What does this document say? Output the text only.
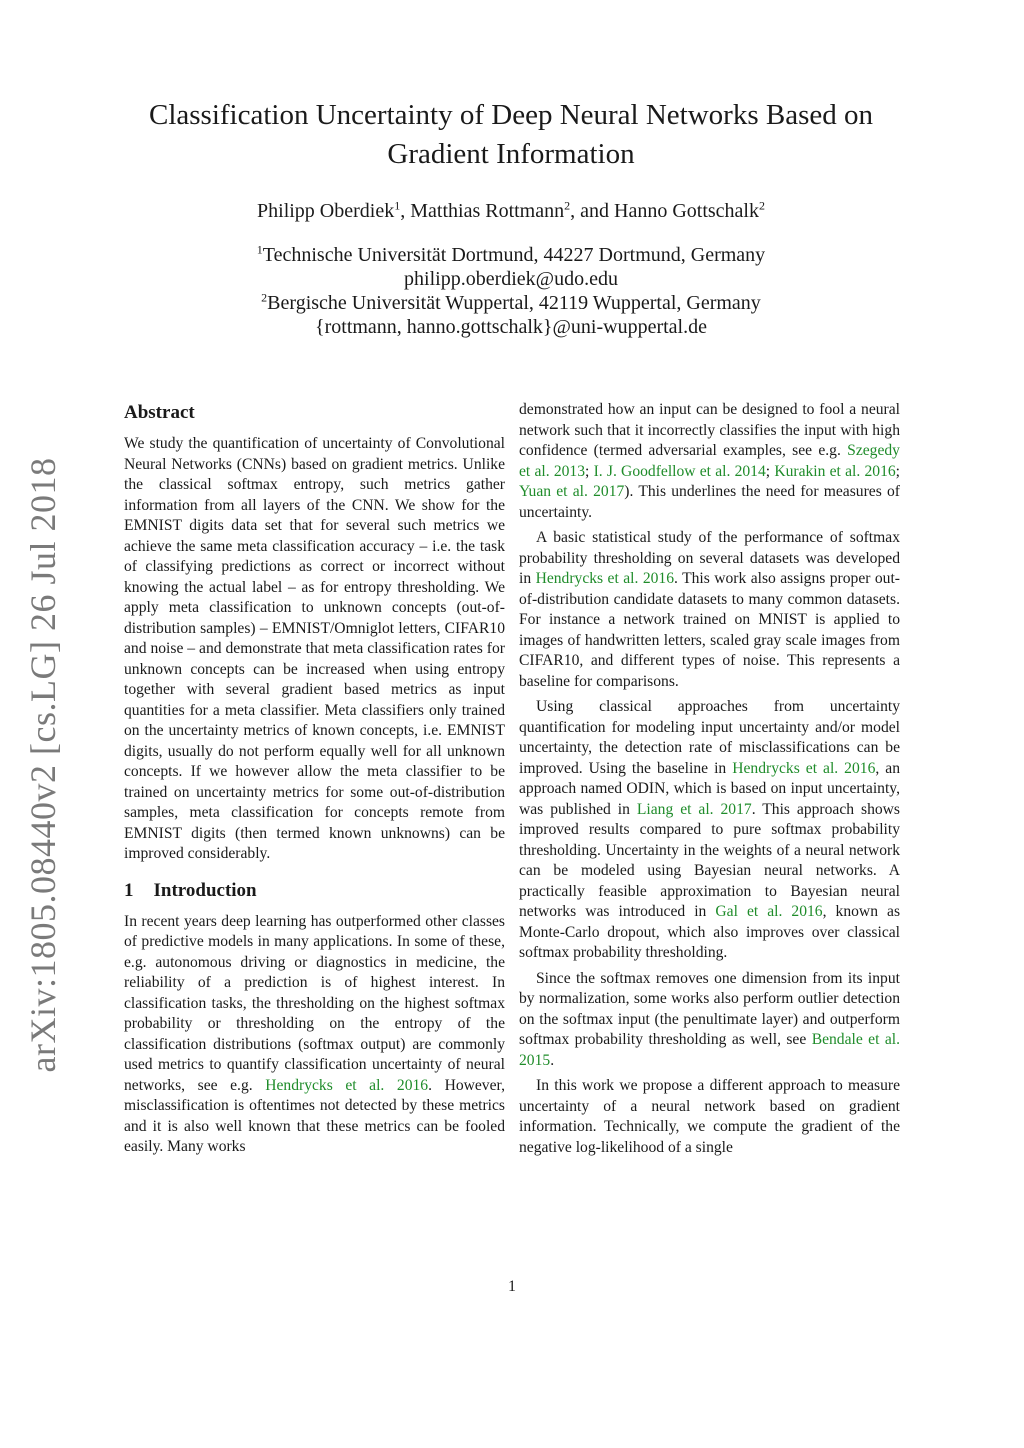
arXiv:1805.08440v2 [cs.LG] 26 Jul 2018
Classification Uncertainty of Deep Neural Networks Based on Gradient Information
Philipp Oberdiek$^1$, Matthias Rottmann$^2$, and Hanno Gottschalk$^2$
$^1$Technische Universität Dortmund, 44227 Dortmund, Germany
philipp.oberdiek@udo.edu
$^2$Bergische Universität Wuppertal, 42119 Wuppertal, Germany
{rottmann, hanno.gottschalk}@uni-wuppertal.de
Abstract

We study the quantification of uncertainty of Convolutional Neural Networks (CNNs) based on gradient metrics. Unlike the classical softmax entropy, such metrics gather information from all layers of the CNN. We show for the EMNIST digits data set that for several such metrics we achieve the same meta classification accuracy – i.e. the task of classifying predictions as correct or incorrect without knowing the actual label – as for entropy thresholding. We apply meta classification to unknown concepts (out-of-distribution samples) – EMNIST/Omniglot letters, CIFAR10 and noise – and demonstrate that meta classification rates for unknown concepts can be increased when using entropy together with several gradient based metrics as input quantities for a meta classifier. Meta classifiers only trained on the uncertainty metrics of known concepts, i.e. EMNIST digits, usually do not perform equally well for all unknown concepts. If we however allow the meta classifier to be trained on uncertainty metrics for some out-of-distribution samples, meta classification for concepts remote from EMNIST digits (then termed known unknowns) can be improved considerably.

1 Introduction

In recent years deep learning has outperformed other classes of predictive models in many applications. In some of these, e.g. autonomous driving or diagnostics in medicine, the reliability of a prediction is of highest interest. In classification tasks, the thresholding on the highest softmax probability or thresholding on the entropy of the classification distributions (softmax output) are commonly used metrics to quantify classification uncertainty of neural networks, see e.g. Hendrycks et al. 2016. However, misclassification is oftentimes not detected by these metrics and it is also well known that these metrics can be fooled easily. Many works

demonstrated how an input can be designed to fool a neural network such that it incorrectly classifies the input with high confidence (termed adversarial examples, see e.g. Szegedy et al. 2013; I. J. Goodfellow et al. 2014; Kurakin et al. 2016; Yuan et al. 2017). This underlines the need for measures of uncertainty.

A basic statistical study of the performance of softmax probability thresholding on several datasets was developed in Hendrycks et al. 2016. This work also assigns proper out-of-distribution candidate datasets to many common datasets. For instance a network trained on MNIST is applied to images of handwritten letters, scaled gray scale images from CIFAR10, and different types of noise. This represents a baseline for comparisons.

Using classical approaches from uncertainty quantification for modeling input uncertainty and/or model uncertainty, the detection rate of misclassifications can be improved. Using the baseline in Hendrycks et al. 2016, an approach named ODIN, which is based on input uncertainty, was published in Liang et al. 2017. This approach shows improved results compared to pure softmax probability thresholding. Uncertainty in the weights of a neural network can be modeled using Bayesian neural networks. A practically feasible approximation to Bayesian neural networks was introduced in Gal et al. 2016, known as Monte-Carlo dropout, which also improves over classical softmax probability thresholding.

Since the softmax removes one dimension from its input by normalization, some works also perform outlier detection on the softmax input (the penultimate layer) and outperform softmax probability thresholding as well, see Bendale et al. 2015.

In this work we propose a different approach to measure uncertainty of a neural network based on gradient information. Technically, we compute the gradient of the negative log-likelihood of a single

1
